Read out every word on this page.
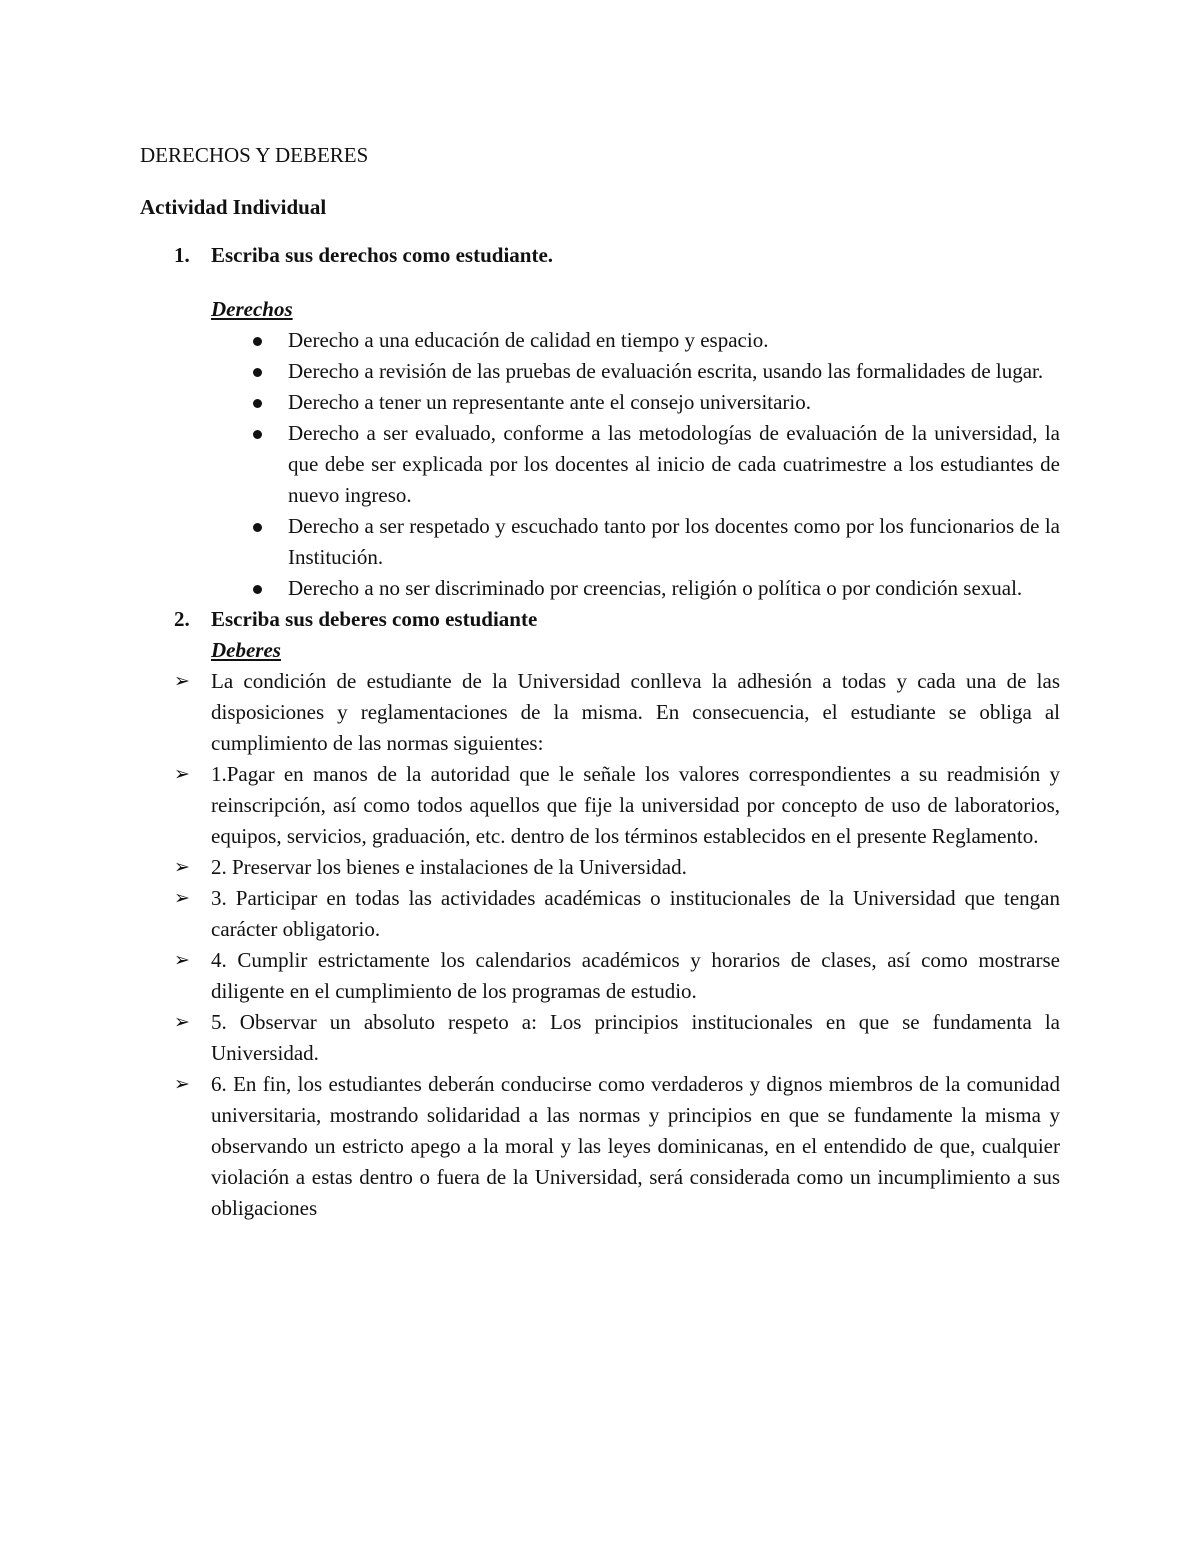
DERECHOS Y DEBERES
Actividad Individual
1. Escriba sus derechos como estudiante.
Derechos
Derecho a una educación de calidad en tiempo y espacio.
Derecho a revisión de las pruebas de evaluación escrita, usando las formalidades de lugar.
Derecho a tener un representante ante el consejo universitario.
Derecho a ser evaluado, conforme a las metodologías de evaluación de la universidad, la que debe ser explicada por los docentes al inicio de cada cuatrimestre a los estudiantes de nuevo ingreso.
Derecho a ser respetado y escuchado tanto por los docentes como por los funcionarios de la Institución.
Derecho a no ser discriminado por creencias, religión o política o por condición sexual.
2. Escriba sus deberes como estudiante
Deberes
➢ La condición de estudiante de la Universidad conlleva la adhesión a todas y cada una de las disposiciones y reglamentaciones de la misma. En consecuencia, el estudiante se obliga al cumplimiento de las normas siguientes:
➢ 1.Pagar en manos de la autoridad que le señale los valores correspondientes a su readmisión y reinscripción, así como todos aquellos que fije la universidad por concepto de uso de laboratorios, equipos, servicios, graduación, etc. dentro de los términos establecidos en el presente Reglamento.
➢ 2. Preservar los bienes e instalaciones de la Universidad.
➢ 3. Participar en todas las actividades académicas o institucionales de la Universidad que tengan carácter obligatorio.
➢ 4. Cumplir estrictamente los calendarios académicos y horarios de clases, así como mostrarse diligente en el cumplimiento de los programas de estudio.
➢ 5. Observar un absoluto respeto a: Los principios institucionales en que se fundamenta la Universidad.
➢ 6. En fin, los estudiantes deberán conducirse como verdaderos y dignos miembros de la comunidad universitaria, mostrando solidaridad a las normas y principios en que se fundamente la misma y observando un estricto apego a la moral y las leyes dominicanas, en el entendido de que, cualquier violación a estas dentro o fuera de la Universidad, será considerada como un incumplimiento a sus obligaciones
